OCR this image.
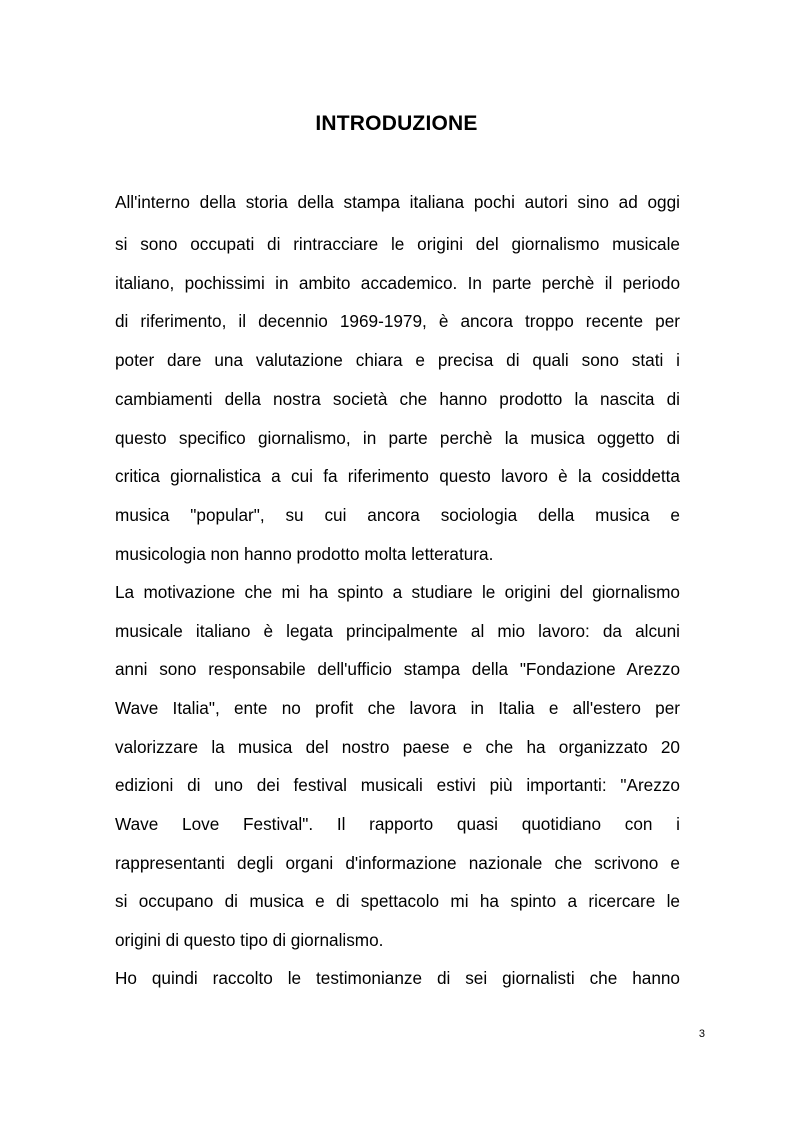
INTRODUZIONE
All'interno della storia della stampa italiana pochi autori sino ad oggi
si sono occupati di rintracciare le origini del giornalismo musicale
italiano, pochissimi in ambito accademico. In parte perchè il periodo
di riferimento, il decennio 1969-1979, è ancora troppo recente per
poter dare una valutazione chiara e precisa di quali sono stati i
cambiamenti della nostra società che hanno prodotto la nascita di
questo specifico giornalismo, in parte perchè la musica oggetto di
critica giornalistica a cui fa riferimento questo lavoro è la cosiddetta
musica "popular", su cui ancora sociologia della musica e
musicologia non hanno prodotto molta letteratura.
La motivazione che mi ha spinto a studiare le origini del giornalismo
musicale italiano è legata principalmente al mio lavoro: da alcuni
anni sono responsabile dell'ufficio stampa della "Fondazione Arezzo
Wave Italia", ente no profit che lavora in Italia e all'estero per
valorizzare la musica del nostro paese e che ha organizzato 20
edizioni di uno dei festival musicali estivi più importanti: "Arezzo
Wave Love Festival". Il rapporto quasi quotidiano con i
rappresentanti degli organi d'informazione nazionale che scrivono e
si occupano di musica e di spettacolo mi ha spinto a ricercare le
origini di questo tipo di giornalismo.
Ho quindi raccolto le testimonianze di sei giornalisti che hanno
3
